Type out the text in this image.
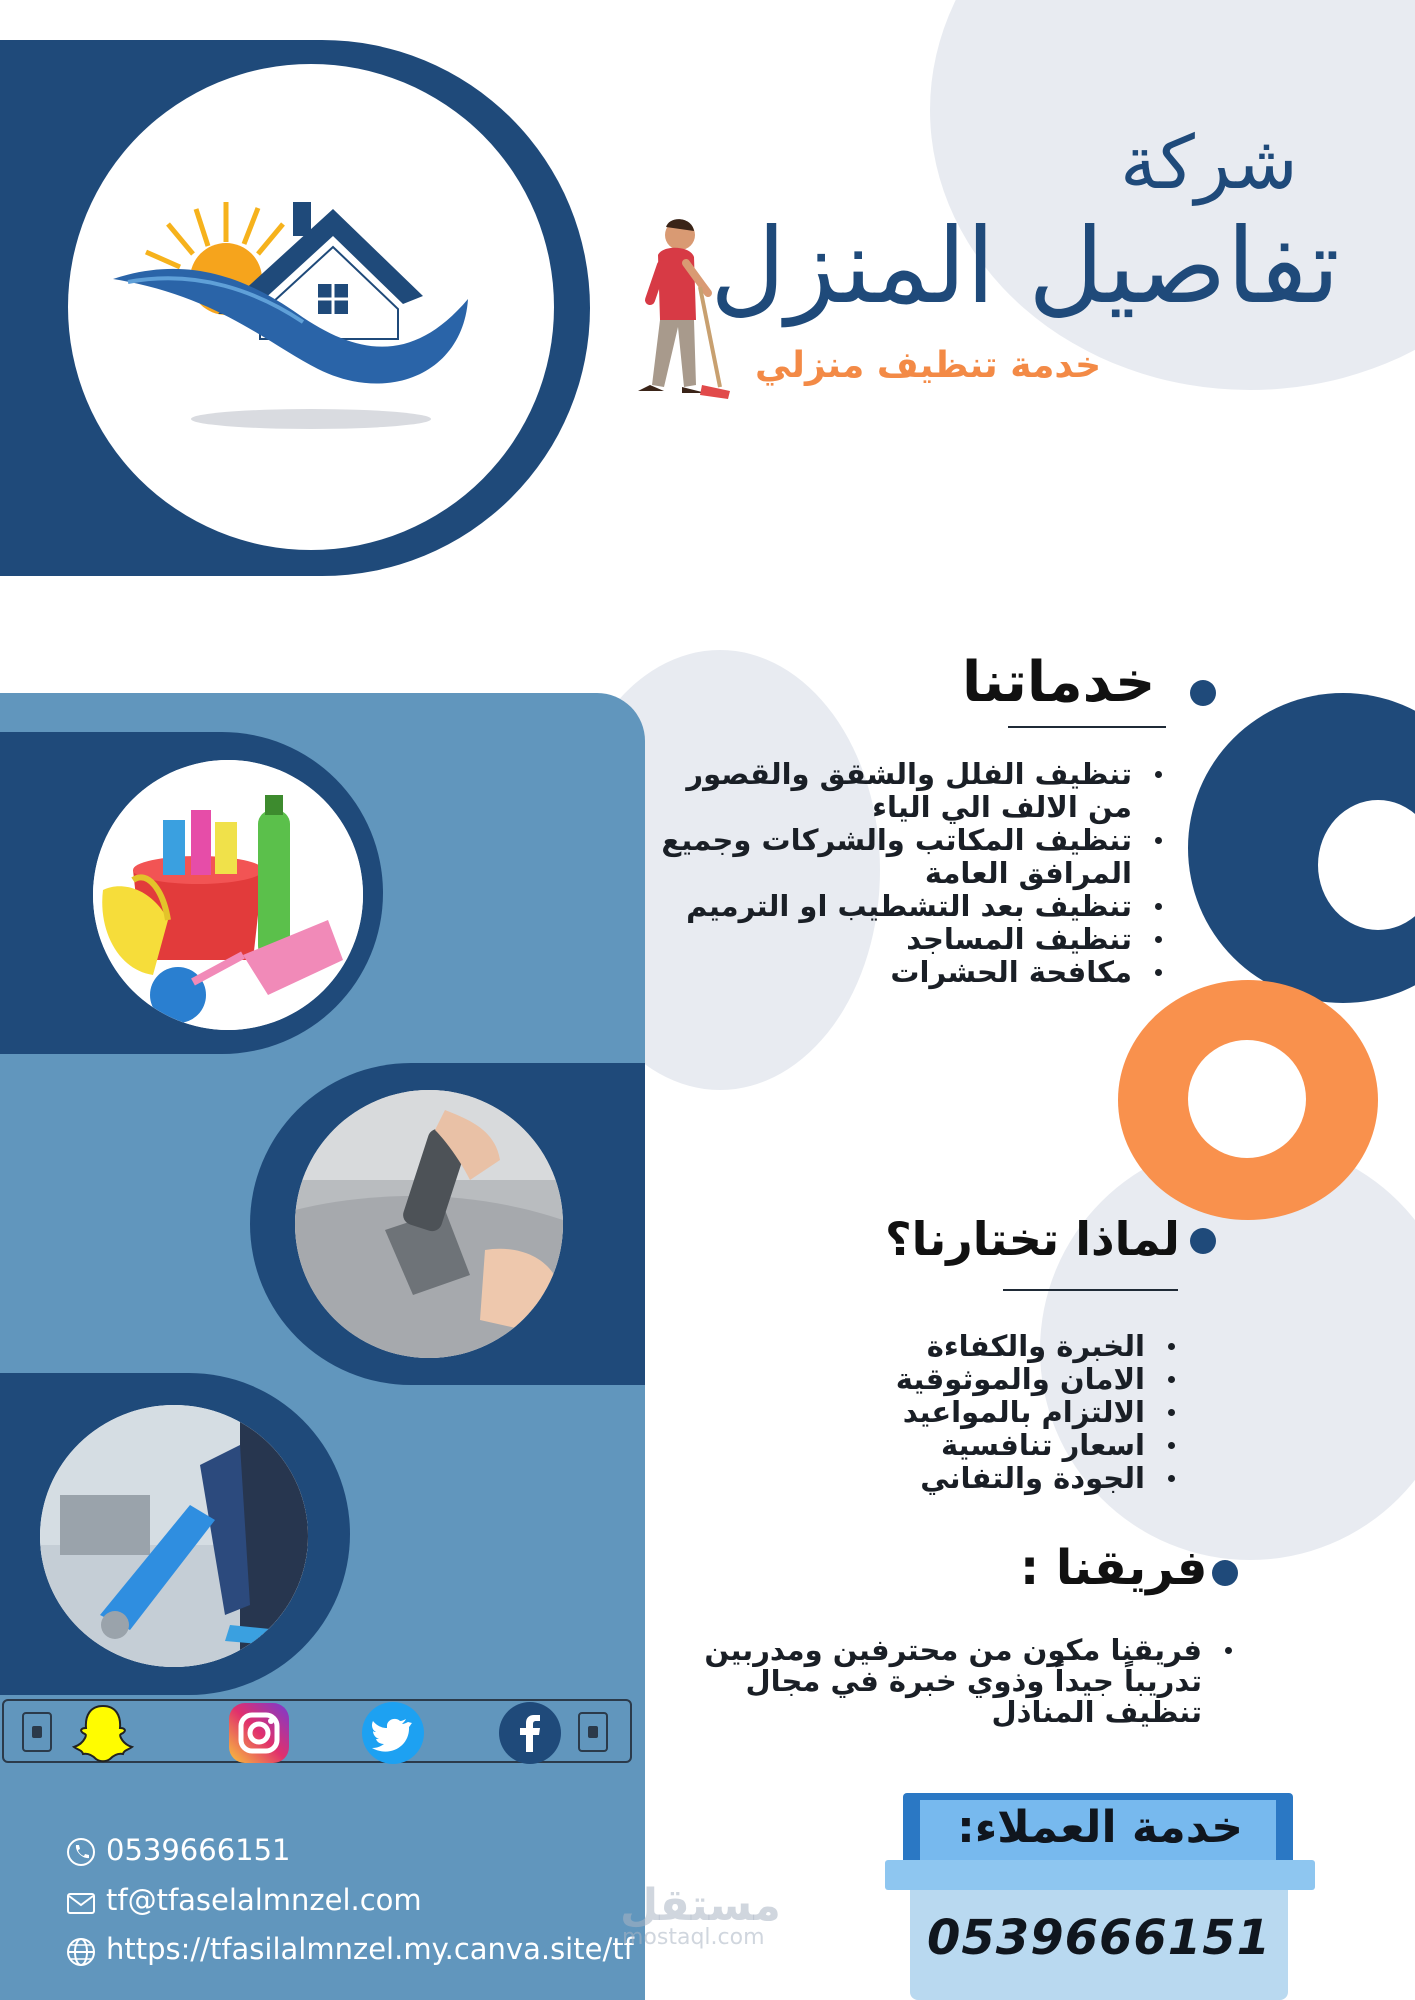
شركة
تفاصيل المنزل
خدمة تنظيف منزلي
خدماتنا
تنظيف الفلل والشقق والقصور
من الالف الي الياء
تنظيف المكاتب والشركات وجميع
المرافق العامة
تنظيف بعد التشطيب او الترميم
تنظيف المساجد
مكافحة الحشرات
لماذا تختارنا؟
الخبرة والكفاءة
الامان والموثوقية
الالتزام بالمواعيد
اسعار تنافسية
الجودة والتفاني
فريقنا :
فريقنا مكون من محترفين ومدربين
تدريباً جيداً وذوي خبرة في مجال
تنظيف المناذل
0539666151
tf@tfaselalmnzel.com
https://tfasilalmnzel.my.canva.site/tf
مستقل
mostaql.com
خدمة العملاء:
0539666151
